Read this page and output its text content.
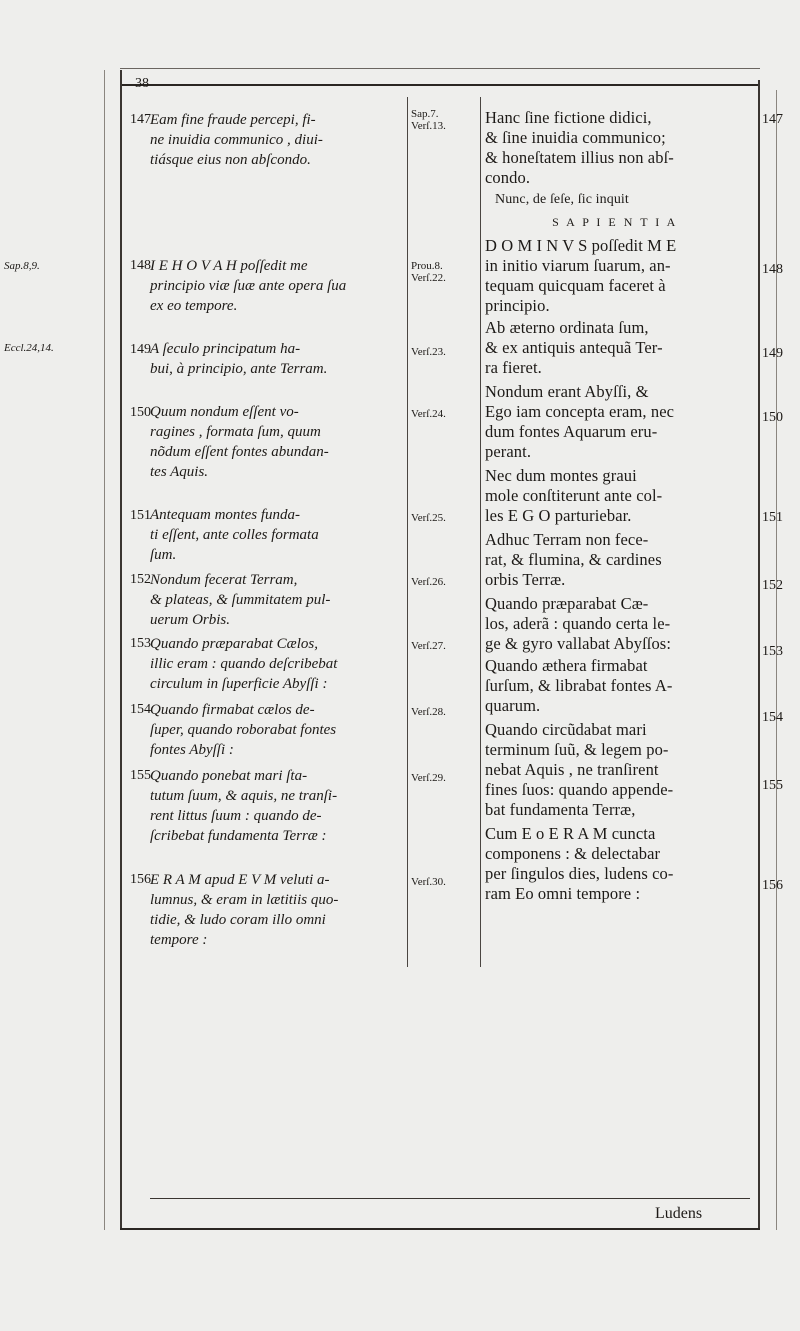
38
Sap.8,9.
Eccl.24,14.
147
148
149
150
151
152
153
154
155
156
147
148
149
150
151
152
153
154
155
156
Eam fine fraude percepi, fi-
ne inuidia communico , diui-
tiásque eius non abſcondo.
I E H O V A H poſſedit me
principio viæ ſuæ ante opera ſua
ex eo tempore.
A ſeculo principatum ha-
bui, à principio, ante Terram.
Quum nondum eſſent vo-
ragines , formata ſum, quum
nõdum eſſent fontes abundan-
tes Aquis.
Antequam montes funda-
ti eſſent, ante colles formata
ſum.
Nondum fecerat Terram,
& plateas, & ſummitatem pul-
uerum Orbis.
Quando præparabat Cælos,
illic eram : quando deſcribebat
circulum in ſuperficie Abyſſi :
Quando firmabat cælos de-
ſuper, quando roborabat fontes
fontes Abyſſi :
Quando ponebat mari ſta-
tutum ſuum, & aquis, ne tranſi-
rent littus ſuum : quando de-
ſcribebat fundamenta Terræ :
E R A M apud E V M veluti a-
lumnus, & eram in lætitiis quo-
tidie, & ludo coram illo omni
tempore :
Sap.7.
Verſ.13.
Prou.8.
Verſ.22.
Verſ.23.
Verſ.24.
Verſ.25.
Verſ.26.
Verſ.27.
Verſ.28.
Verſ.29.
Verſ.30.
Hanc ſine fictione didici,
& ſine inuidia communico;
& honeſtatem illius non abſ-
condo.
Nunc, de ſeſe, ſic inquit
S A P I E N T I A
D O M I N V S poſſedit M E
in initio viarum ſuarum, an-
tequam quicquam faceret à
principio.
Ab æterno ordinata ſum,
& ex antiquis antequã Ter-
ra fieret.
Nondum erant Abyſſi, &
Ego iam concepta eram, nec
dum fontes Aquarum eru-
perant.
Nec dum montes graui
mole conſtiterunt ante col-
les E G O parturiebar.
Adhuc Terram non fece-
rat, & flumina, & cardines
orbis Terræ.
Quando præparabat Cæ-
los, aderã : quando certa le-
ge & gyro vallabat Abyſſos:
Quando æthera firmabat
ſurſum, & librabat fontes A-
quarum.
Quando circũdabat mari
terminum ſuũ, & legem po-
nebat Aquis , ne tranſirent
fines ſuos: quando appende-
bat fundamenta Terræ,
Cum E o E R A M cuncta
componens : & delectabar
per ſingulos dies, ludens co-
ram Eo omni tempore :
Ludens
